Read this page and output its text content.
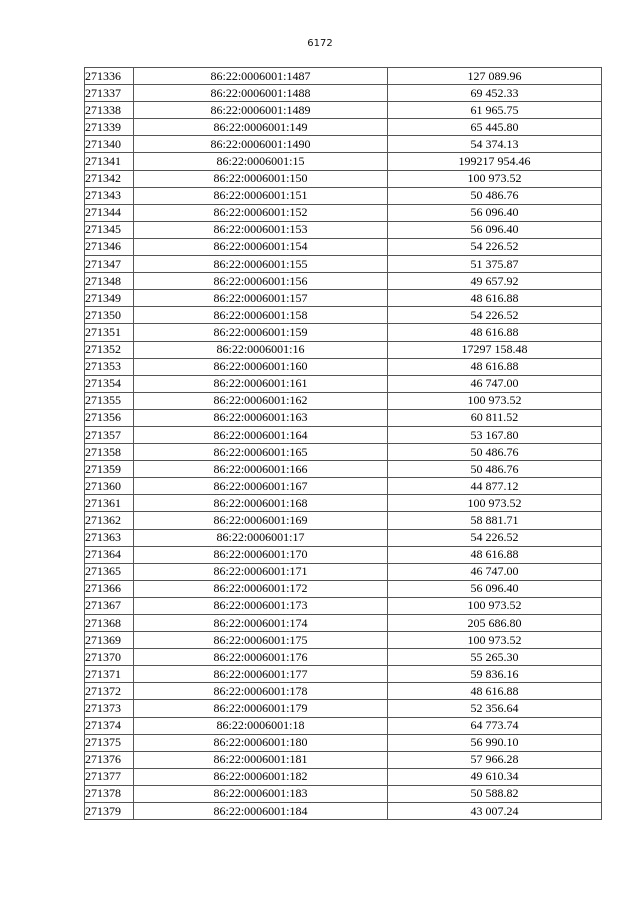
6172
271336	86:22:0006001:1487	127 089.96
271337	86:22:0006001:1488	69 452.33
271338	86:22:0006001:1489	61 965.75
271339	86:22:0006001:149	65 445.80
271340	86:22:0006001:1490	54 374.13
271341	86:22:0006001:15	199217 954.46
271342	86:22:0006001:150	100 973.52
271343	86:22:0006001:151	50 486.76
271344	86:22:0006001:152	56 096.40
271345	86:22:0006001:153	56 096.40
271346	86:22:0006001:154	54 226.52
271347	86:22:0006001:155	51 375.87
271348	86:22:0006001:156	49 657.92
271349	86:22:0006001:157	48 616.88
271350	86:22:0006001:158	54 226.52
271351	86:22:0006001:159	48 616.88
271352	86:22:0006001:16	17297 158.48
271353	86:22:0006001:160	48 616.88
271354	86:22:0006001:161	46 747.00
271355	86:22:0006001:162	100 973.52
271356	86:22:0006001:163	60 811.52
271357	86:22:0006001:164	53 167.80
271358	86:22:0006001:165	50 486.76
271359	86:22:0006001:166	50 486.76
271360	86:22:0006001:167	44 877.12
271361	86:22:0006001:168	100 973.52
271362	86:22:0006001:169	58 881.71
271363	86:22:0006001:17	54 226.52
271364	86:22:0006001:170	48 616.88
271365	86:22:0006001:171	46 747.00
271366	86:22:0006001:172	56 096.40
271367	86:22:0006001:173	100 973.52
271368	86:22:0006001:174	205 686.80
271369	86:22:0006001:175	100 973.52
271370	86:22:0006001:176	55 265.30
271371	86:22:0006001:177	59 836.16
271372	86:22:0006001:178	48 616.88
271373	86:22:0006001:179	52 356.64
271374	86:22:0006001:18	64 773.74
271375	86:22:0006001:180	56 990.10
271376	86:22:0006001:181	57 966.28
271377	86:22:0006001:182	49 610.34
271378	86:22:0006001:183	50 588.82
271379	86:22:0006001:184	43 007.24
